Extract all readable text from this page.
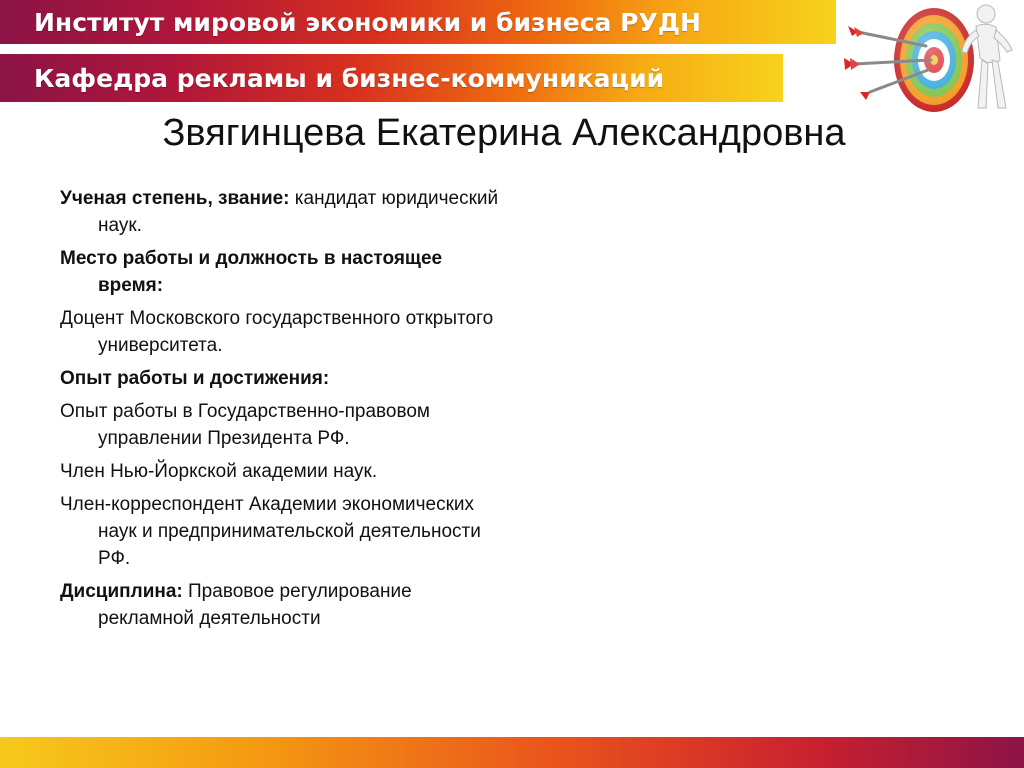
Институт мировой экономики и бизнеса РУДН
Кафедра рекламы и бизнес-коммуникаций
Звягинцева Екатерина Александровна

Ученая степень, звание: кандидат юридический наук.

Место работы и должность в настоящее время:

Доцент Московского государственного открытого университета.

Опыт работы и достижения:

Опыт работы в Государственно-правовом управлении Президента РФ.

Член Нью-Йоркской академии наук.

Член-корреспондент Академии экономических наук и предпринимательской деятельности РФ.

Дисциплина: Правовое регулирование рекламной деятельности
